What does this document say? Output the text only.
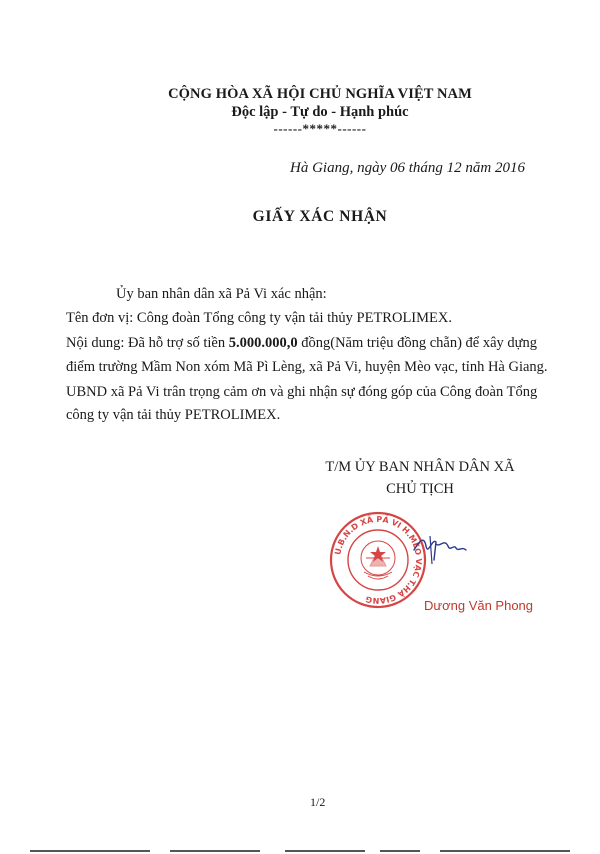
CỘNG HÒA XÃ HỘI CHỦ NGHĨA VIỆT NAM
Độc lập - Tự do - Hạnh phúc
------*****------
Hà Giang, ngày 06 tháng 12 năm 2016
GIẤY XÁC NHẬN
Ủy ban nhân dân xã Pả Vi xác nhận:
Tên đơn vị: Công đoàn Tổng công ty vận tải thủy PETROLIMEX.
Nội dung: Đã hỗ trợ số tiền 5.000.000,0 đồng(Năm triệu đồng chẵn) để xây dựng
điểm trường Mầm Non xóm Mã Pì Lèng, xã Pả Vi, huyện Mèo vạc, tỉnh Hà Giang.
UBND xã Pả Vi trân trọng cảm ơn và ghi nhận sự đóng góp của Công đoàn Tổng
công ty vận tải thủy PETROLIMEX.
T/M ỦY BAN NHÂN DÂN XÃ
CHỦ TỊCH
U.B.N.D XÃ PẢ VI H.MÈO VẠC T.HÀ GIANG	Dương Văn Phong
1/2
